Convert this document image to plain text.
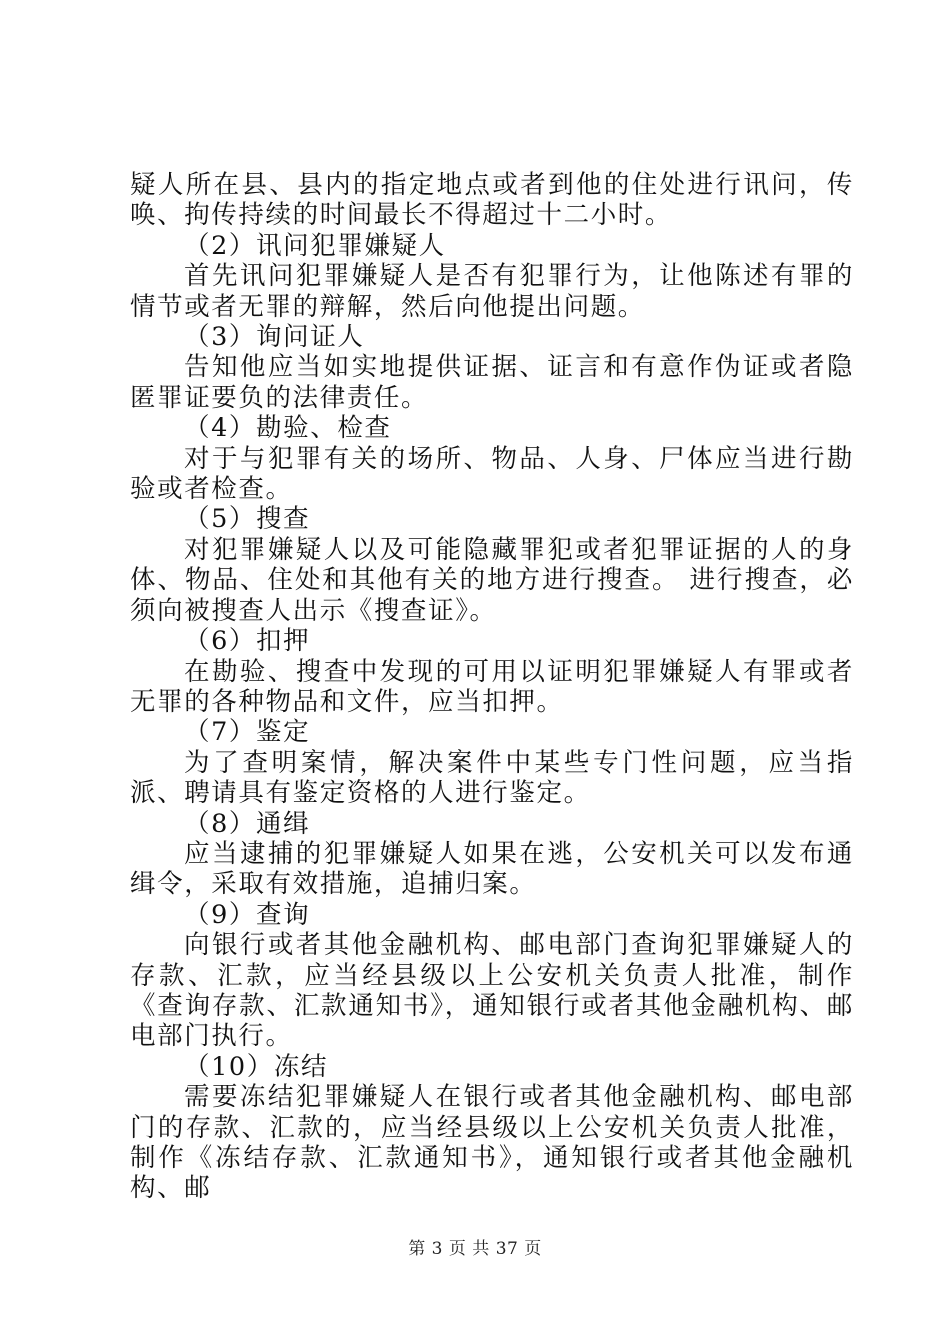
疑人所在县、县内的指定地点或者到他的住处进行讯问，传唤、拘传持续的时间最长不得超过十二小时。

（2）讯问犯罪嫌疑人

首先讯问犯罪嫌疑人是否有犯罪行为，让他陈述有罪的情节或者无罪的辩解，然后向他提出问题。

（3）询问证人

告知他应当如实地提供证据、证言和有意作伪证或者隐匿罪证要负的法律责任。

（4）勘验、检查

对于与犯罪有关的场所、物品、人身、尸体应当进行勘验或者检查。

（5）搜查

对犯罪嫌疑人以及可能隐藏罪犯或者犯罪证据的人的身体、物品、住处和其他有关的地方进行搜查。 进行搜查，必须向被搜查人出示《搜查证》。

（6）扣押

在勘验、搜查中发现的可用以证明犯罪嫌疑人有罪或者无罪的各种物品和文件，应当扣押。

（7）鉴定

为了查明案情，解决案件中某些专门性问题，应当指派、聘请具有鉴定资格的人进行鉴定。

（8）通缉

应当逮捕的犯罪嫌疑人如果在逃，公安机关可以发布通缉令，采取有效措施，追捕归案。

（9）查询

向银行或者其他金融机构、邮电部门查询犯罪嫌疑人的存款、汇款，应当经县级以上公安机关负责人批准，制作《查询存款、汇款通知书》，通知银行或者其他金融机构、邮电部门执行。

（10）冻结

需要冻结犯罪嫌疑人在银行或者其他金融机构、邮电部门的存款、汇款的，应当经县级以上公安机关负责人批准，制作《冻结存款、汇款通知书》，通知银行或者其他金融机构、邮

第 3 页 共 37 页
